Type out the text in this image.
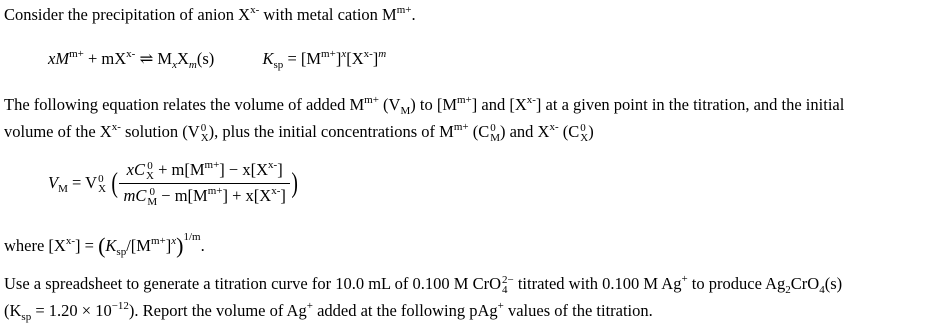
Consider the precipitation of anion $X^{x-}$ with metal cation $M^{m+}$.
$xM^{m+} + mX^{x-}$ ⇌ $M_xX_m(s)$	$K_{sp} = [M^{m+}]^x[X^{x-}]^m$
The following equation relates the volume of added $M^{m+}$ $(V_M)$ to $[M^{m+}]$ and $[X^{x-}]$ at a given point in the titration, and the initial
volume of the $X^{x-}$ solution (V 0
X ), plus the initial concentrations of $M^{m+}$ (C 0
M ) and $X^{x-}$ (C 0
X )
$V_M = V$ 0
X ( xC 0
$X + m[M^{m+}] - x[X^{x-}]$
mC 0
$M - m[M^{m+}] + x[X^{x-}]$ )
where $[X^{x-}] = (K_{sp}/[M^{m+}]^x)^{1/m}$.
Use a spreadsheet to generate a titration curve for 10.0 mL of 0.100 M CrO 2−
4 titrated with 0.100 M Ag+ to produce $Ag_2CrO_4(s)$
$(K_{sp} = 1.20 \times 10^{-12})$. Report the volume of Ag+ added at the following pAg+ values of the titration.
